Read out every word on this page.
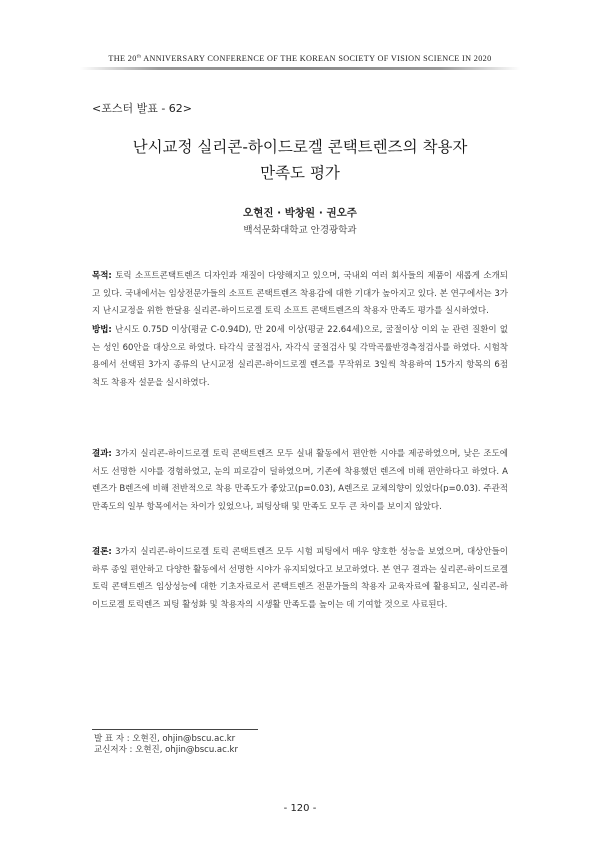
THE 20th ANNIVERSARY CONFERENCE OF THE KOREAN SOCIETY OF VISION SCIENCE IN 2020
<포스터 발표 - 62>
난시교정 실리콘-하이드로겔 콘택트렌즈의 착용자
만족도 평가
오현진 · 박창원 · 권오주
백석문화대학교 안경광학과
목적: 토릭 소프트콘택트렌즈 디자인과 재질이 다양해지고 있으며, 국내외 여러 회사들의 제품이 새롭게 소개되고 있다. 국내에서는 임상전문가들의 소프트 콘택트렌즈 착용감에 대한 기대가 높아지고 있다. 본 연구에서는 3가지 난시교정을 위한 한달용 실리콘-하이드로겔 토릭 소프트 콘택트렌즈의 착용자 만족도 평가를 실시하였다.
방법: 난시도 0.75D 이상(평균 C-0.94D), 만 20세 이상(평균 22.64세)으로, 굴절이상 이외 눈 관련 질환이 없는 성인 60안을 대상으로 하였다. 타각식 굴절검사, 자각식 굴절검사 및 각막곡률반경측정검사를 하였다. 시험착용에서 선택된 3가지 종류의 난시교정 실리콘-하이드로겔 렌즈를 무작위로 3일씩 착용하여 15가지 항목의 6점 척도 착용자 설문을 실시하였다.
결과: 3가지 실리콘-하이드로겔 토릭 콘택트렌즈 모두 실내 활동에서 편안한 시야를 제공하였으며, 낮은 조도에서도 선명한 시야를 경험하였고, 눈의 피로감이 덜하였으며, 기존에 착용했던 렌즈에 비해 편안하다고 하였다. A렌즈가 B렌즈에 비해 전반적으로 착용 만족도가 좋았고(p=0.03), A렌즈로 교체의향이 있었다(p=0.03). 주관적 만족도의 일부 항목에서는 차이가 있었으나, 피팅상태 및 만족도 모두 큰 차이를 보이지 않았다.
결론: 3가지 실리콘-하이드로겔 토릭 콘택트렌즈 모두 시험 피팅에서 매우 양호한 성능을 보였으며, 대상안들이 하루 종일 편안하고 다양한 활동에서 선명한 시야가 유지되었다고 보고하였다. 본 연구 결과는 실리콘-하이드로겔 토릭 콘택트렌즈 임상성능에 대한 기초자료로서 콘택트렌즈 전문가들의 착용자 교육자료에 활용되고, 실리콘-하이드로겔 토릭렌즈 피팅 활성화 및 착용자의 시생활 만족도를 높이는 데 기여할 것으로 사료된다.
발 표 자 : 오현진, ohjin@bscu.ac.kr
교신저자 : 오현진, ohjin@bscu.ac.kr
- 120 -
